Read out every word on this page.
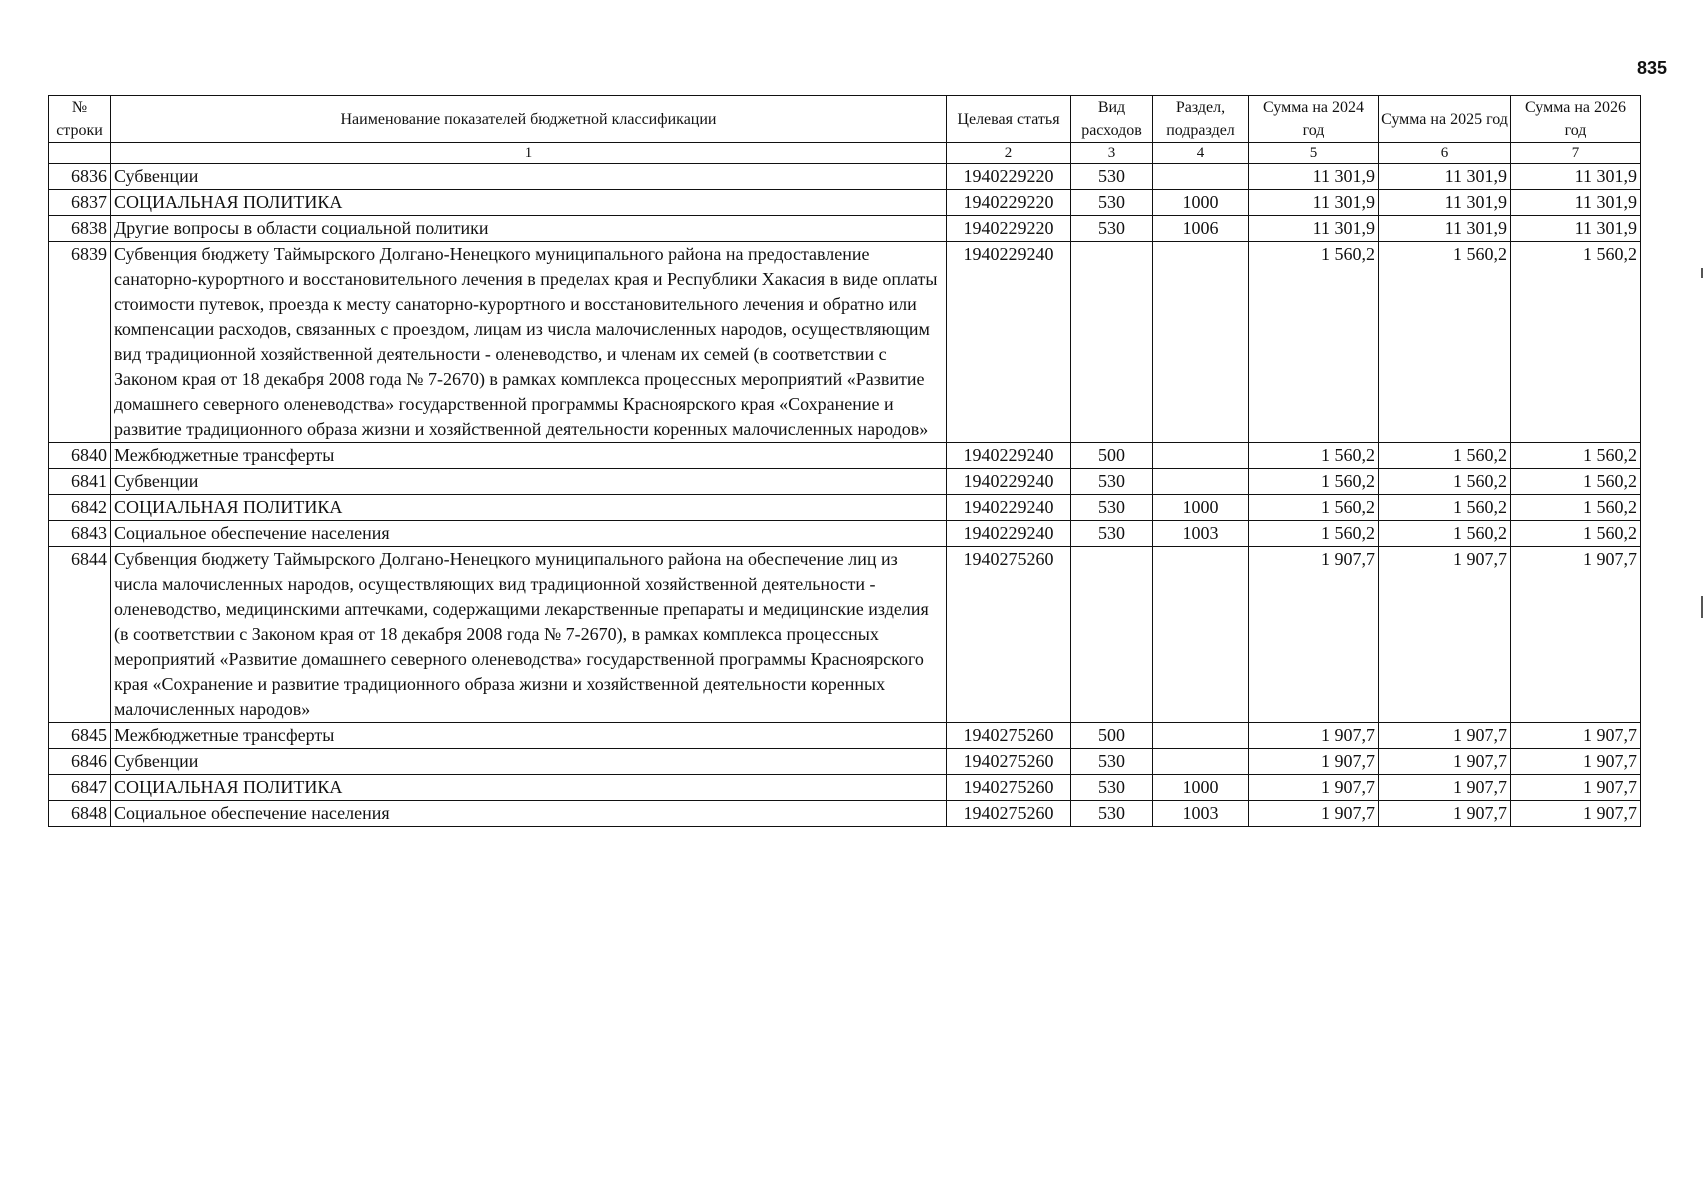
835
№ строки	Наименование показателей бюджетной классификации	Целевая статья	Вид расходов	Раздел, подраздел	Сумма на 2024 год	Сумма на 2025 год	Сумма на 2026 год
	1	2	3	4	5	6	7
6836	Субвенции	1940229220	530		11 301,9	11 301,9	11 301,9
6837	СОЦИАЛЬНАЯ ПОЛИТИКА	1940229220	530	1000	11 301,9	11 301,9	11 301,9
6838	Другие вопросы в области социальной политики	1940229220	530	1006	11 301,9	11 301,9	11 301,9
6839	Субвенция бюджету Таймырского Долгано-Ненецкого муниципального района на предоставление санаторно-курортного и восстановительного лечения в пределах края и Республики Хакасия в виде оплаты стоимости путевок, проезда к месту санаторно-курортного и восстановительного лечения и обратно или компенсации расходов, связанных с проездом, лицам из числа малочисленных народов, осуществляющим вид традиционной хозяйственной деятельности - оленеводство, и членам их семей (в соответствии с Законом края от 18 декабря 2008 года № 7-2670) в рамках комплекса процессных мероприятий «Развитие домашнего северного оленеводства» государственной программы Красноярского края «Сохранение и развитие традиционного образа жизни и хозяйственной деятельности коренных малочисленных народов»	1940229240			1 560,2	1 560,2	1 560,2
6840	Межбюджетные трансферты	1940229240	500		1 560,2	1 560,2	1 560,2
6841	Субвенции	1940229240	530		1 560,2	1 560,2	1 560,2
6842	СОЦИАЛЬНАЯ ПОЛИТИКА	1940229240	530	1000	1 560,2	1 560,2	1 560,2
6843	Социальное обеспечение населения	1940229240	530	1003	1 560,2	1 560,2	1 560,2
6844	Субвенция бюджету Таймырского Долгано-Ненецкого муниципального района на обеспечение лиц из числа малочисленных народов, осуществляющих вид традиционной хозяйственной деятельности - оленеводство, медицинскими аптечками, содержащими лекарственные препараты и медицинские изделия (в соответствии с Законом края от 18 декабря 2008 года № 7-2670), в рамках комплекса процессных мероприятий «Развитие домашнего северного оленеводства» государственной программы Красноярского края «Сохранение и развитие традиционного образа жизни и хозяйственной деятельности коренных малочисленных народов»	1940275260			1 907,7	1 907,7	1 907,7
6845	Межбюджетные трансферты	1940275260	500		1 907,7	1 907,7	1 907,7
6846	Субвенции	1940275260	530		1 907,7	1 907,7	1 907,7
6847	СОЦИАЛЬНАЯ ПОЛИТИКА	1940275260	530	1000	1 907,7	1 907,7	1 907,7
6848	Социальное обеспечение населения	1940275260	530	1003	1 907,7	1 907,7	1 907,7
